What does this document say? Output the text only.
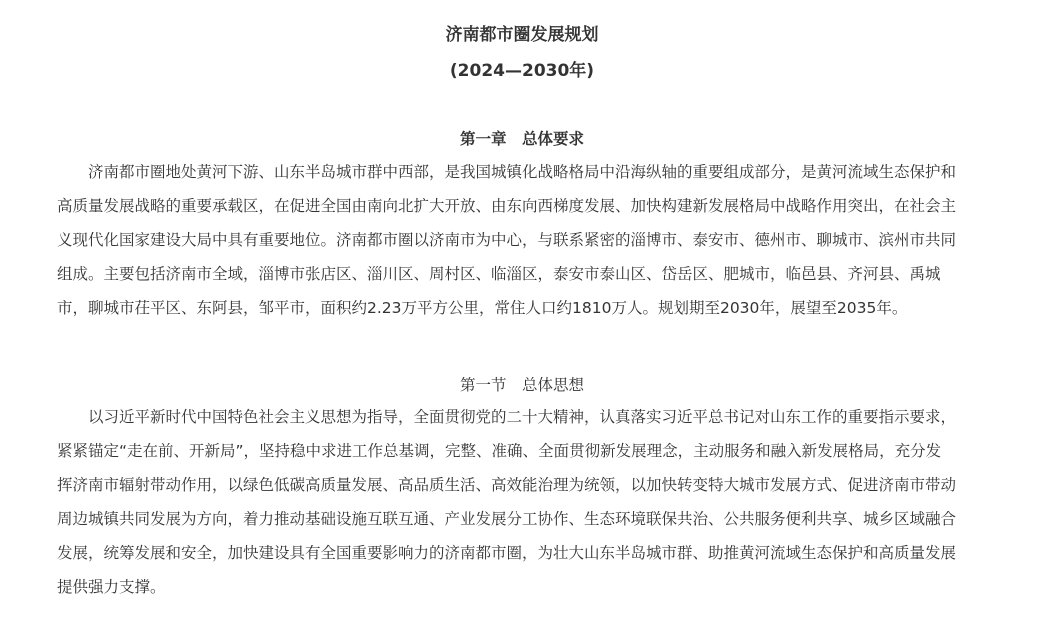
济南都市圈发展规划
(2024—2030年)
第一章　总体要求
济南都市圈地处黄河下游、山东半岛城市群中西部，是我国城镇化战略格局中沿海纵轴的重要组成部分，是黄河流域生态保护和
高质量发展战略的重要承载区，在促进全国由南向北扩大开放、由东向西梯度发展、加快构建新发展格局中战略作用突出，在社会主
义现代化国家建设大局中具有重要地位。济南都市圈以济南市为中心，与联系紧密的淄博市、泰安市、德州市、聊城市、滨州市共同
组成。主要包括济南市全域，淄博市张店区、淄川区、周村区、临淄区，泰安市泰山区、岱岳区、肥城市，临邑县、齐河县、禹城
市，聊城市茌平区、东阿县，邹平市，面积约2.23万平方公里，常住人口约1810万人。规划期至2030年，展望至2035年。
第一节　总体思想
以习近平新时代中国特色社会主义思想为指导，全面贯彻党的二十大精神，认真落实习近平总书记对山东工作的重要指示要求，
紧紧锚定“走在前、开新局”，坚持稳中求进工作总基调，完整、准确、全面贯彻新发展理念，主动服务和融入新发展格局，充分发
挥济南市辐射带动作用，以绿色低碳高质量发展、高品质生活、高效能治理为统领，以加快转变特大城市发展方式、促进济南市带动
周边城镇共同发展为方向，着力推动基础设施互联互通、产业发展分工协作、生态环境联保共治、公共服务便利共享、城乡区域融合
发展，统筹发展和安全，加快建设具有全国重要影响力的济南都市圈，为壮大山东半岛城市群、助推黄河流域生态保护和高质量发展
提供强力支撑。
